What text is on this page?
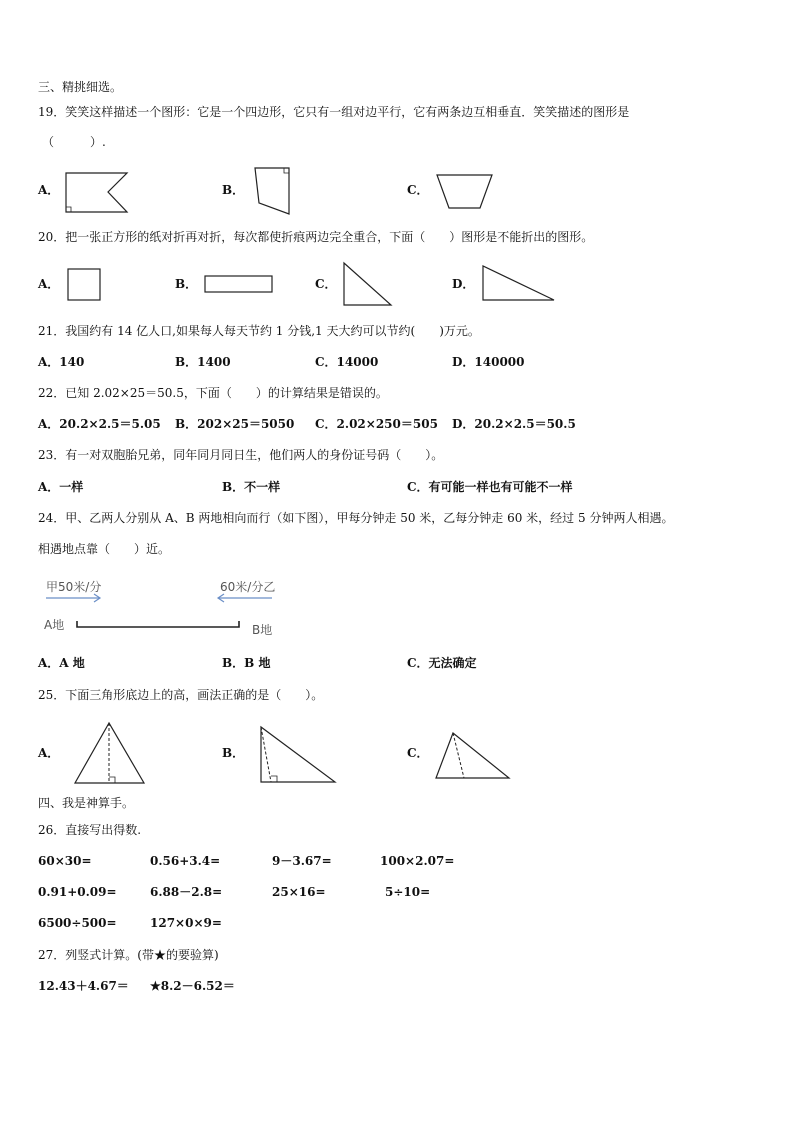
三、精挑细选。
19．笑笑这样描述一个图形：它是一个四边形，它只有一组对边平行，它有两条边互相垂直．笑笑描述的图形是
（　　　）.
A．	B．	C．
20．把一张正方形的纸对折再对折，每次都使折痕两边完全重合，下面（　　）图形是不能折出的图形。
A．	B．	C．	D．
21．我国约有 14 亿人口,如果每人每天节约 1 分钱,1 天大约可以节约(　　)万元。
A．140	B．1400	C．14000	D．140000
22．已知 2.02×25＝50.5，下面（　　）的计算结果是错误的。
A．20.2×2.5＝5.05 B．202×25＝5050 C．2.02×250＝505 D．20.2×2.5＝50.5
23．有一对双胞胎兄弟，同年同月同日生，他们两人的身份证号码（　　）。
A．一样	B．不一样	C．有可能一样也有可能不一样
24．甲、乙两人分别从 A、B 两地相向而行（如下图），甲每分钟走 50 米，乙每分钟走 60 米，经过 5 分钟两人相遇。
相遇地点靠（　　）近。
甲50米/分	60米/分乙
A地	B地
A．A 地	B．B 地	C．无法确定
25．下面三角形底边上的高，画法正确的是（　　）。
A．	B．	C．
四、我是神算手。
26．直接写出得数.
60×30=	0.56+3.4=	9－3.67=	100×2.07=
0.91+0.09=	6.88－2.8=	25×16=	5÷10=
6500÷500=	127×0×9=
27．列竖式计算。(带★的要验算)
12.43＋4.67＝ ★8.2－6.52＝
